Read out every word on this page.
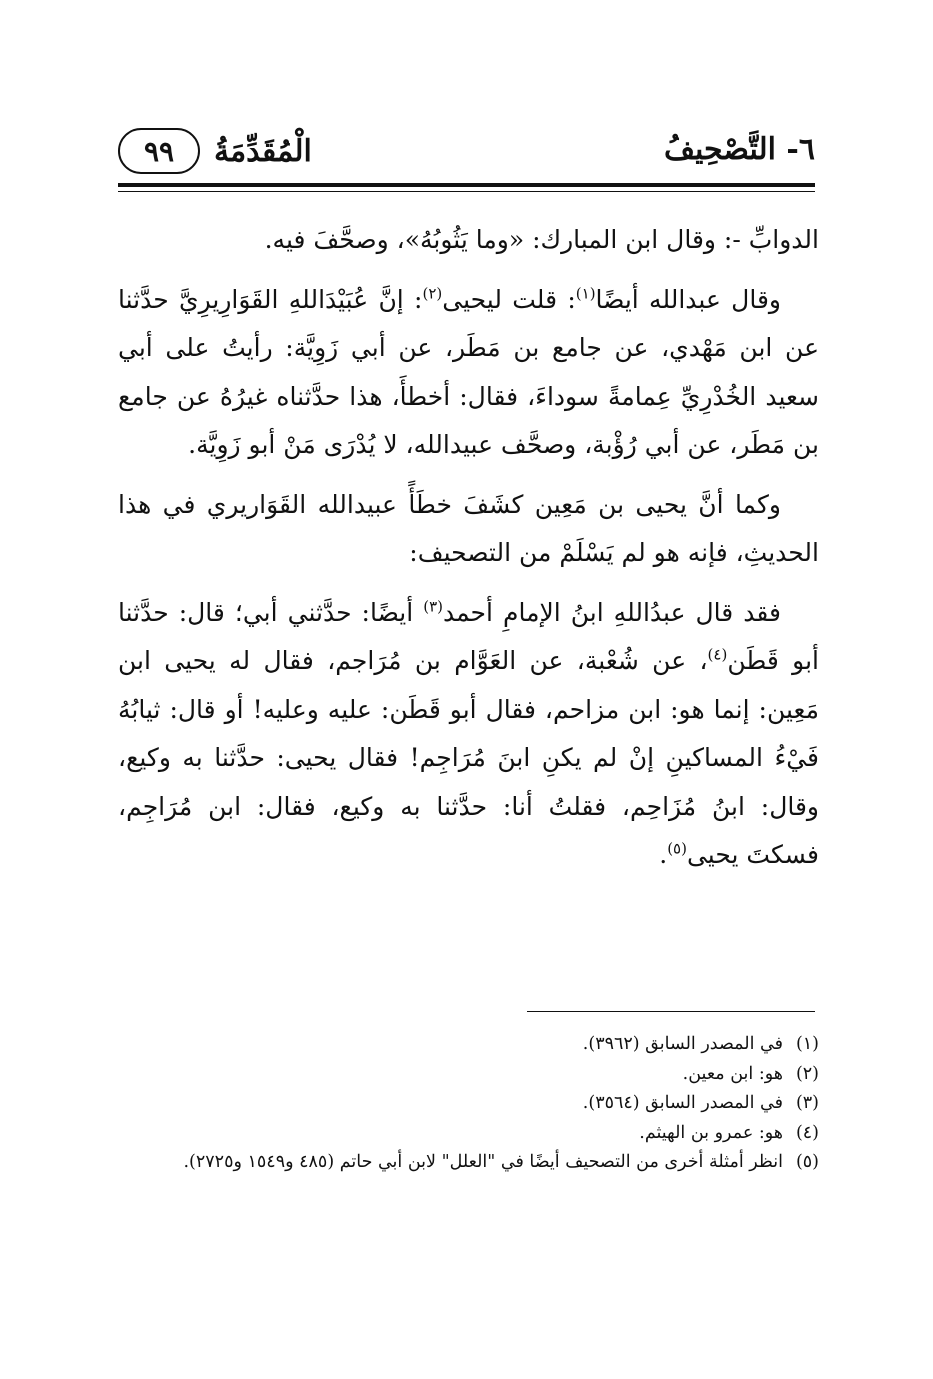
٦- التَّصْحِيفُ
الْمُقَدِّمَةُ
٩٩

الدوابِّ -: وقال ابن المبارك: «وما يَثُوبُهُ»، وصحَّفَ فيه.

وقال عبدالله أيضًا$^{(١)}$: قلت ليحيى$^{(٢)}$: إنَّ عُبَيْدَاللهِ القَوَارِيرِيَّ حدَّثنا عن ابن مَهْدي، عن جامع بن مَطَر، عن أبي زَوِيَّة: رأيتُ على أبي سعيد الخُدْرِيِّ عِمامةً سوداءَ، فقال: أخطأَ، هذا حدَّثناه غيرُهُ عن جامع بن مَطَر، عن أبي رُؤْبة، وصحَّف عبيدالله، لا يُدْرَى مَنْ أبو زَوِيَّة.

وكما أنَّ يحيى بن مَعِين كشَفَ خطَأً عبيدالله القَوَاريري في هذا الحديثِ، فإنه هو لم يَسْلَمْ من التصحيف:

فقد قال عبدُاللهِ ابنُ الإمامِ أحمد$^{(٣)}$ أيضًا: حدَّثني أبي؛ قال: حدَّثنا أبو قَطَن$^{(٤)}$، عن شُعْبة، عن العَوَّام بن مُرَاجم، فقال له يحيى ابن مَعِين: إنما هو: ابن مزاحم، فقال أبو قَطَن: عليه وعليه! أو قال: ثيابُهُ فَيْءُ المساكينِ إنْ لم يكنِ ابنَ مُرَاجِم! فقال يحيى: حدَّثنا به وكيع، وقال: ابنُ مُزَاحِم، فقلتُ أنا: حدَّثنا به وكيع، فقال: ابن مُرَاجِم، فسكتَ يحيى$^{(٥)}$.

(١)
في المصدر السابق (٣٩٦٢).
(٢)
هو: ابن معين.
(٣)
في المصدر السابق (٣٥٦٤).
(٤)
هو: عمرو بن الهيثم.
(٥)
انظر أمثلة أخرى من التصحيف أيضًا في "العلل" لابن أبي حاتم (٤٨٥ و١٥٤٩ و٢٧٢٥).
